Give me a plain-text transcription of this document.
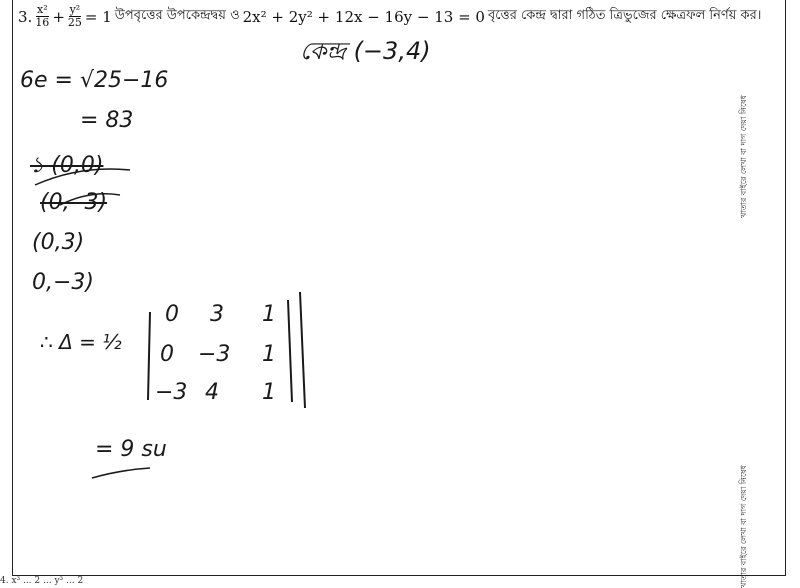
3. $\frac{\text{x²}}{16} + \frac{\text{y²}}{25} = 1$ উপবৃত্তের উপকেন্দ্রদ্বয় ও 2x² + 2y² + 12x − 16y − 13 = 0 বৃত্তের কেন্দ্র দ্বারা গঠিত ত্রিভুজের ক্ষেত্রফল নির্ণয় কর।
কেন্দ্র (−3,4)
6e = √25−16
= 83
১ (0,0)
(0, -3)
(0,3)
0,−3)
∴ Δ = ½
0 3 1
0 −3 1
−3 4 1
= 9 su
খাতার বাইরে লেখা বা দাগ দেয়া নিষেধ
খাতার বাইরে লেখা বা দাগ দেয়া নিষেধ
4. x³ ... 2 ... y³ ... 2
